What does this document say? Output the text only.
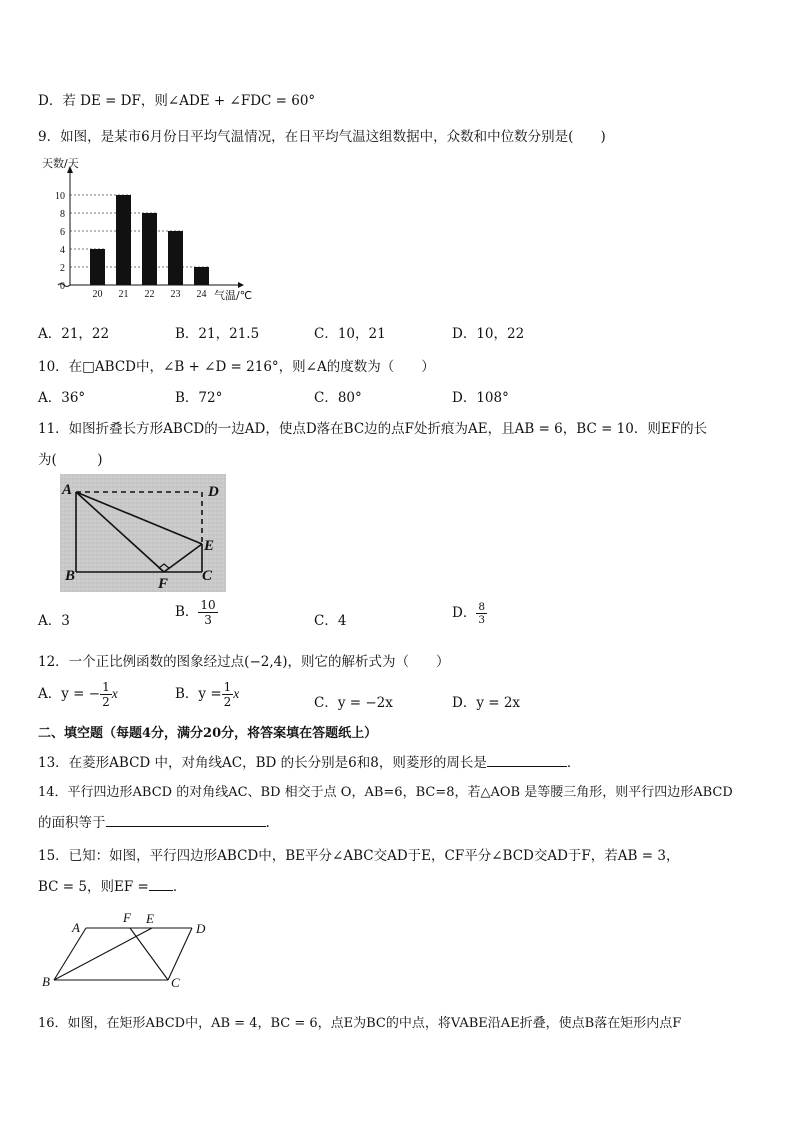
D．若 DE = DF，则∠ADE + ∠FDC = 60°
9．如图，是某市6月份日平均气温情况，在日平均气温这组数据中，众数和中位数分别是(　　)
0
2
4
6
8
10
20 21 22 23 24
天数/天
气温/℃
A．21，22	B．21，21.5	C．10，21	D．10，22
10．在□ABCD中，∠B + ∠D = 216°，则∠A的度数为（　　）
A．36°	B．72°	C．80°	D．108°
11．如图折叠长方形ABCD的一边AD，使点D落在BC边的点F处折痕为AE，且AB = 6，BC = 10．则EF的长
为(　　　)
A	D
E
B	F C
A．3
B． $\frac{10}{3}$	C．4	D． $\frac{8}{3}$
12．一个正比例函数的图象经过点(−2,4)，则它的解析式为（　　）
A．y = − $\frac{1}{2}$ x	B．$y = \frac{1}{2}$ x
C．y = −2x	D．y = 2x
二、填空题（每题4分，满分20分，将答案填在答题纸上）
13．在菱形ABCD 中，对角线AC，BD 的长分别是6和8，则菱形的周长是	．
14．平行四边形ABCD 的对角线AC、BD 相交于点 O，AB=6，BC=8，若△AOB 是等腰三角形，则平行四边形ABCD
的面积等于	.
15．已知：如图，平行四边形ABCD中，BE平分∠ABC交AD于E，CF平分∠BCD交AD于F，若AB = 3，
BC = 5，则EF = ．
F E
A	D
B	C
16．如图，在矩形ABCD中，AB = 4，BC = 6，点E为BC的中点，将VABE沿AE折叠，使点B落在矩形内点F
